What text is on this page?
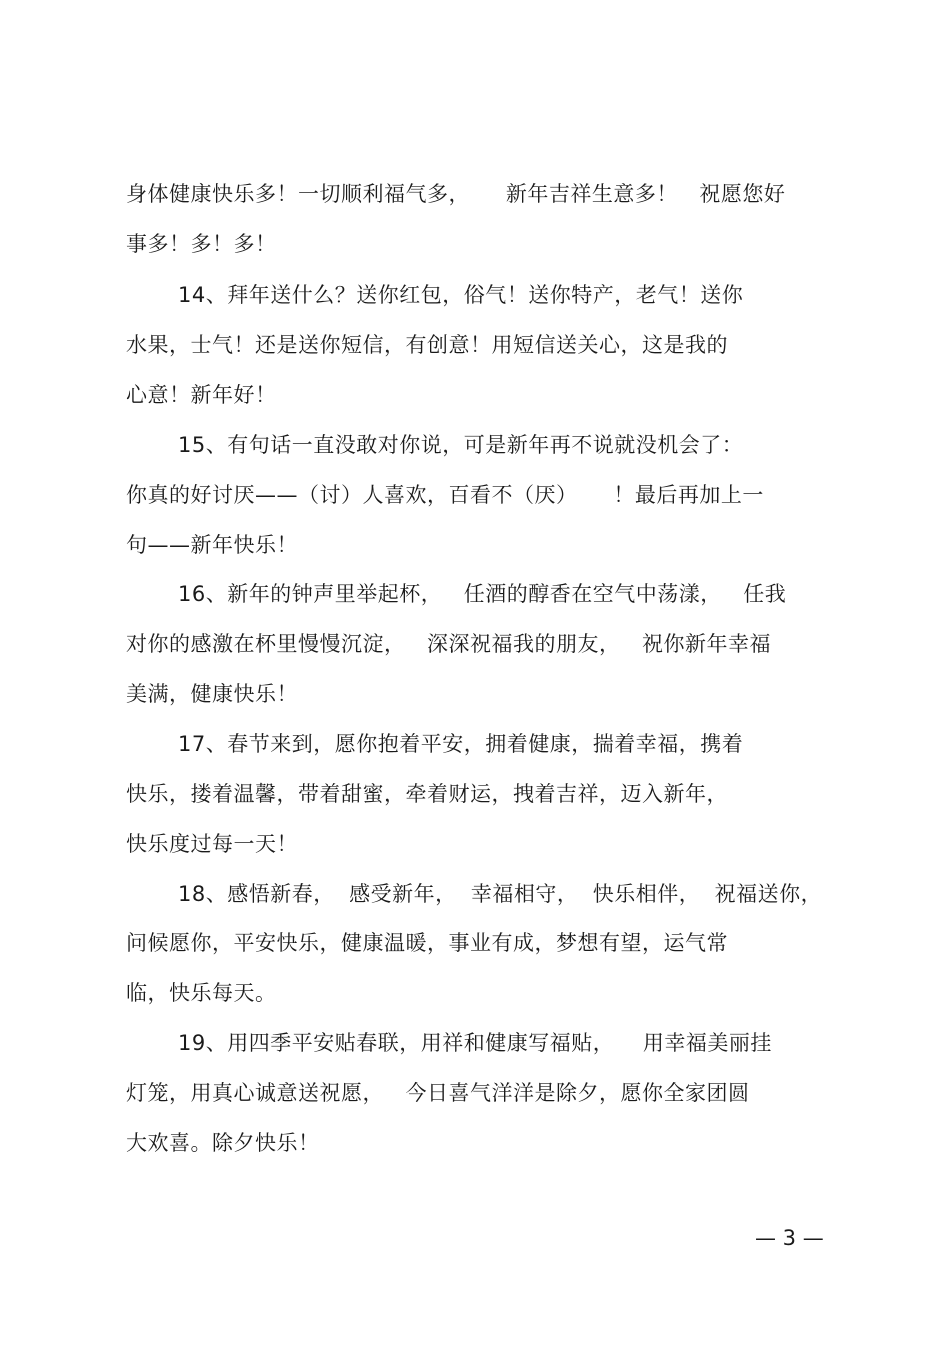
身体健康快乐多！一切顺利福气多，     新年吉祥生意多！   祝愿您好
事多！多！多！
14、拜年送什么？送你红包，俗气！送你特产，老气！送你
水果，士气！还是送你短信，有创意！用短信送关心，这是我的
心意！新年好！
15、有句话一直没敢对你说，可是新年再不说就没机会了：
你真的好讨厌——（讨）人喜欢，百看不（厌）     ！最后再加上一
句——新年快乐！
16、新年的钟声里举起杯，   任酒的醇香在空气中荡漾，   任我
对你的感激在杯里慢慢沉淀，   深深祝福我的朋友，   祝你新年幸福
美满，健康快乐！
17、春节来到，愿你抱着平安，拥着健康，揣着幸福，携着
快乐，搂着温馨，带着甜蜜，牵着财运，拽着吉祥，迈入新年，
快乐度过每一天！
18、感悟新春，  感受新年，  幸福相守，  快乐相伴，  祝福送你，
问候愿你，平安快乐，健康温暖，事业有成，梦想有望，运气常
临，快乐每天。
19、用四季平安贴春联，用祥和健康写福贴，    用幸福美丽挂
灯笼，用真心诚意送祝愿，   今日喜气洋洋是除夕，愿你全家团圆
大欢喜。除夕快乐！
— 3 —
